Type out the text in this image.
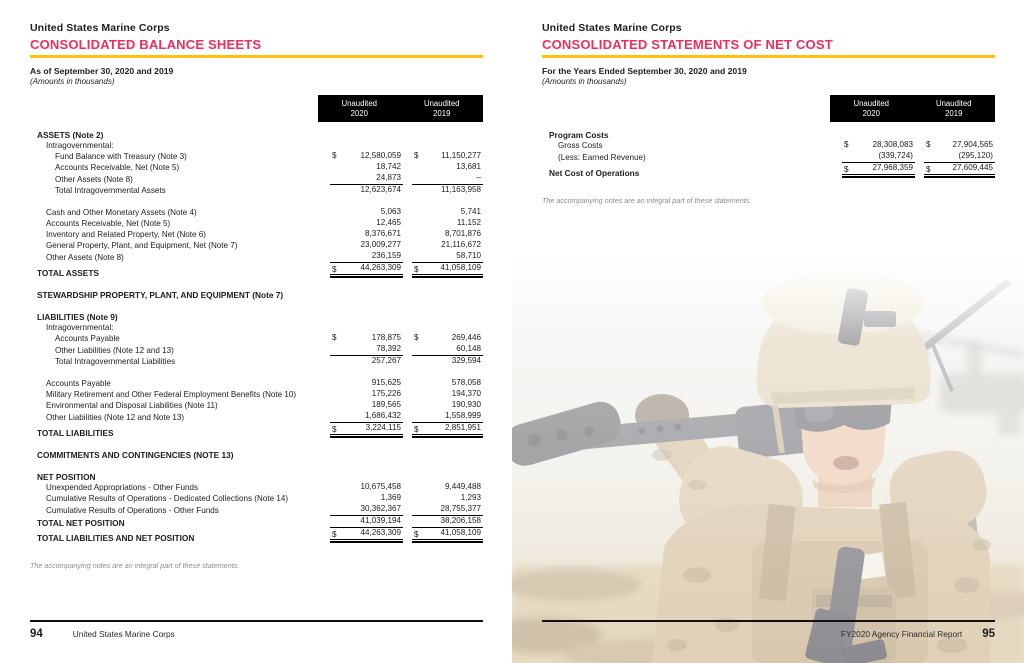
United States Marine Corps
CONSOLIDATED BALANCE SHEETS
As of September 30, 2020 and 2019
(Amounts in thousands)
Unaudited
2020
Unaudited
2019
ASSETS (Note 2)
Intragovernmental:
Fund Balance with Treasury (Note 3)	$	12,580,059 $	11,150,277
Accounts Receivable, Net (Note 5)	18,742	13,681
Other Assets (Note 8)	24,873	–
Total Intragovernmental Assets	12,623,674	11,163,958
Cash and Other Monetary Assets (Note 4)	5,063	5,741
Accounts Receivable, Net (Note 5)	12,465	11,152
Inventory and Related Property, Net (Note 6)	8,376,671	8,701,876
General Property, Plant, and Equipment, Net (Note 7)	23,009,277	21,116,672
Other Assets (Note 8)	236,159	58,710
TOTAL ASSETS	$	44,263,309 $	41,058,109
STEWARDSHIP PROPERTY, PLANT, AND EQUIPMENT (Note 7)
LIABILITIES (Note 9)
Intragovernmental:
Accounts Payable	$	178,875 $	269,446
Other Liabilities (Note 12 and 13)	78,392	60,148
Total Intragovernmental Liabilities	257,267	329,594
Accounts Payable	915,625	578,058
Military Retirement and Other Federal Employment Benefits (Note 10)	175,226	194,370
Environmental and Disposal Liabilities (Note 11)	189,565	190,930
Other Liabilities (Note 12 and Note 13)	1,686,432	1,558,999
TOTAL LIABILITIES	$	3,224,115 $	2,851,951
COMMITMENTS AND CONTINGENCIES (NOTE 13)
NET POSITION
Unexpended Appropriations - Other Funds	10,675,458	9,449,488
Cumulative Results of Operations - Dedicated Collections (Note 14)	1,369	1,293
Cumulative Results of Operations - Other Funds	30,362,367	28,755,377
TOTAL NET POSITION	41,039,194	38,206,158
TOTAL LIABILITIES AND NET POSITION	$	44,263,309 $	41,058,109
The accompanying notes are an integral part of these statements.
94	United States Marine Corps
United States Marine Corps
CONSOLIDATED STATEMENTS OF NET COST
For the Years Ended September 30, 2020 and 2019
(Amounts in thousands)
Unaudited
2020
Unaudited
2019
Program Costs
Gross Costs	$	28,308,083 $	27,904,565
(Less: Earned Revenue)	(339,724)	(295,120)
Net Cost of Operations	$	27,968,359 $	27,609,445
The accompanying notes are an integral part of these statements.
FY2020 Agency Financial Report 95
